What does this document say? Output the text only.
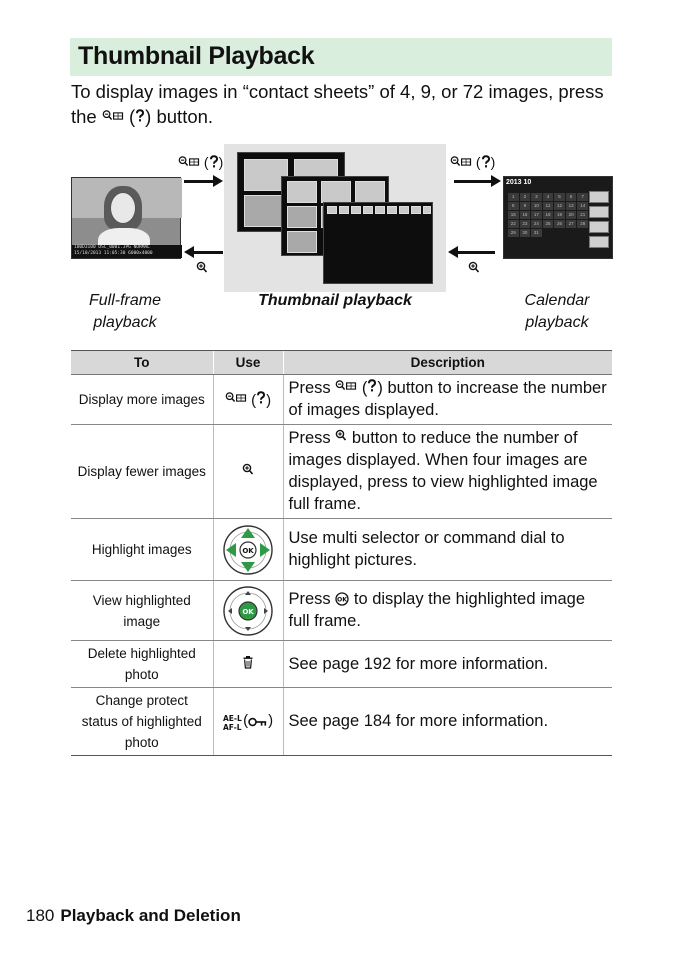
Thumbnail Playback

To display images in “contact sheets” of 4, 9, or 72 images, press the
( ) button.

100D3100 DSC_0001.JPG NORMAL
15/10/2013 11:05:30 6000x4000
( )	( )
2013 10
1	2	3	4	5	6	7
8	9	10	11	12	13	14
15	16	17	18	19	20	21
22	23	24	25	26	27	28
29	30	31
Full-frame
playback
Thumbnail playback	Calendar
playback
To	Use	Description
Display more images	( )	Press  ( ) button to increase the number of images displayed.
Display fewer images		Press button to reduce the number of images displayed. When four images are displayed, press to view highlighted image full frame.
Highlight images	OK	Use multi selector or command dial to highlight pictures.
View highlighted image	OK	Press to display the highlighted image full frame.
Delete highlighted photo		See page 192 for more information.
Change protect status of highlighted photo	AE-L
AF-L
( )	See page 184 for more information.
180 Playback and Deletion
